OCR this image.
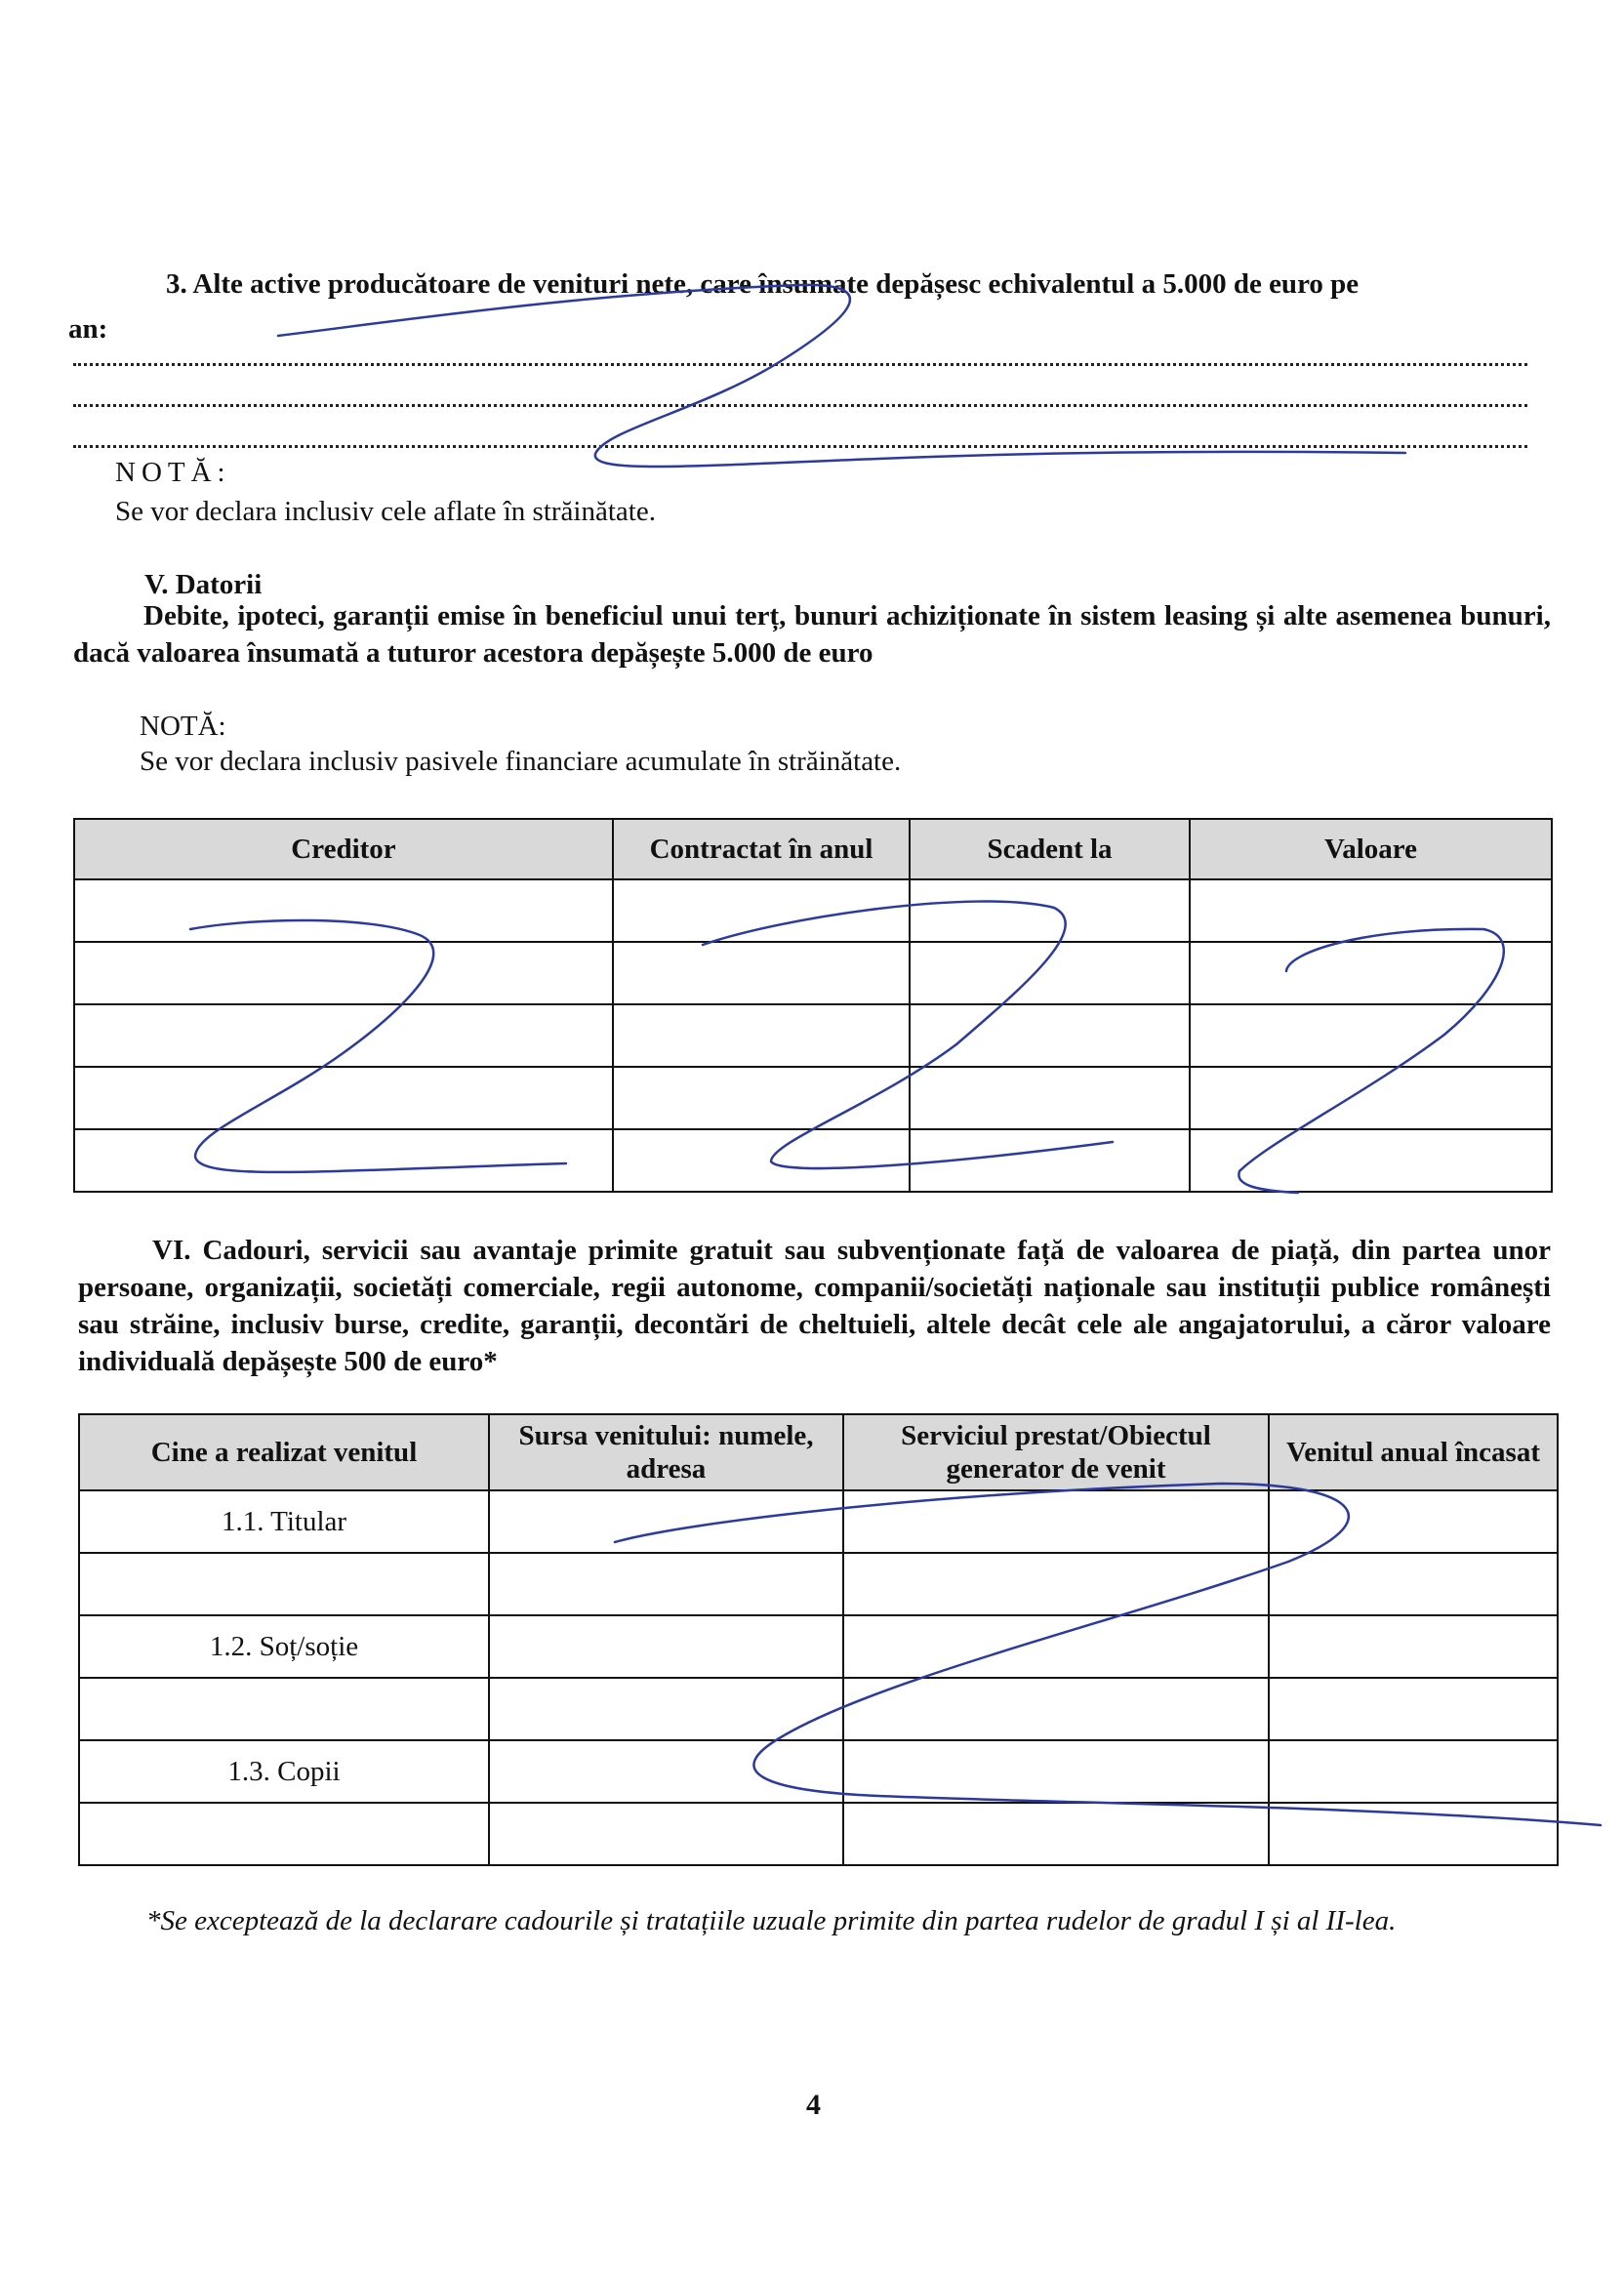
3. Alte active producătoare de venituri nete, care însumate depășesc echivalentul a 5.000 de euro pe
an:
NOTĂ:
Se vor declara inclusiv cele aflate în străinătate.
V. Datorii
Debite, ipoteci, garanții emise în beneficiul unui terț, bunuri achiziționate în sistem leasing și alte asemenea bunuri, dacă valoarea însumată a tuturor acestora depășește 5.000 de euro
NOTĂ:
Se vor declara inclusiv pasivele financiare acumulate în străinătate.
Creditor	Contractat în anul	Scadent la	Valoare

VI. Cadouri, servicii sau avantaje primite gratuit sau subvenționate față de valoarea de piață, din partea unor persoane, organizații, societăți comerciale, regii autonome, companii/societăți naționale sau instituții publice românești sau străine, inclusiv burse, credite, garanții, decontări de cheltuieli, altele decât cele ale angajatorului, a căror valoare individuală depășește 500 de euro*
Cine a realizat venitul	Sursa venitului: numele, adresa	Serviciul prestat/Obiectul generator de venit	Venitul anual încasat
1.1. Titular			

1.2. Soț/soție			

1.3. Copii			

*Se exceptează de la declarare cadourile și tratațiile uzuale primite din partea rudelor de gradul I și al II-lea.
4
